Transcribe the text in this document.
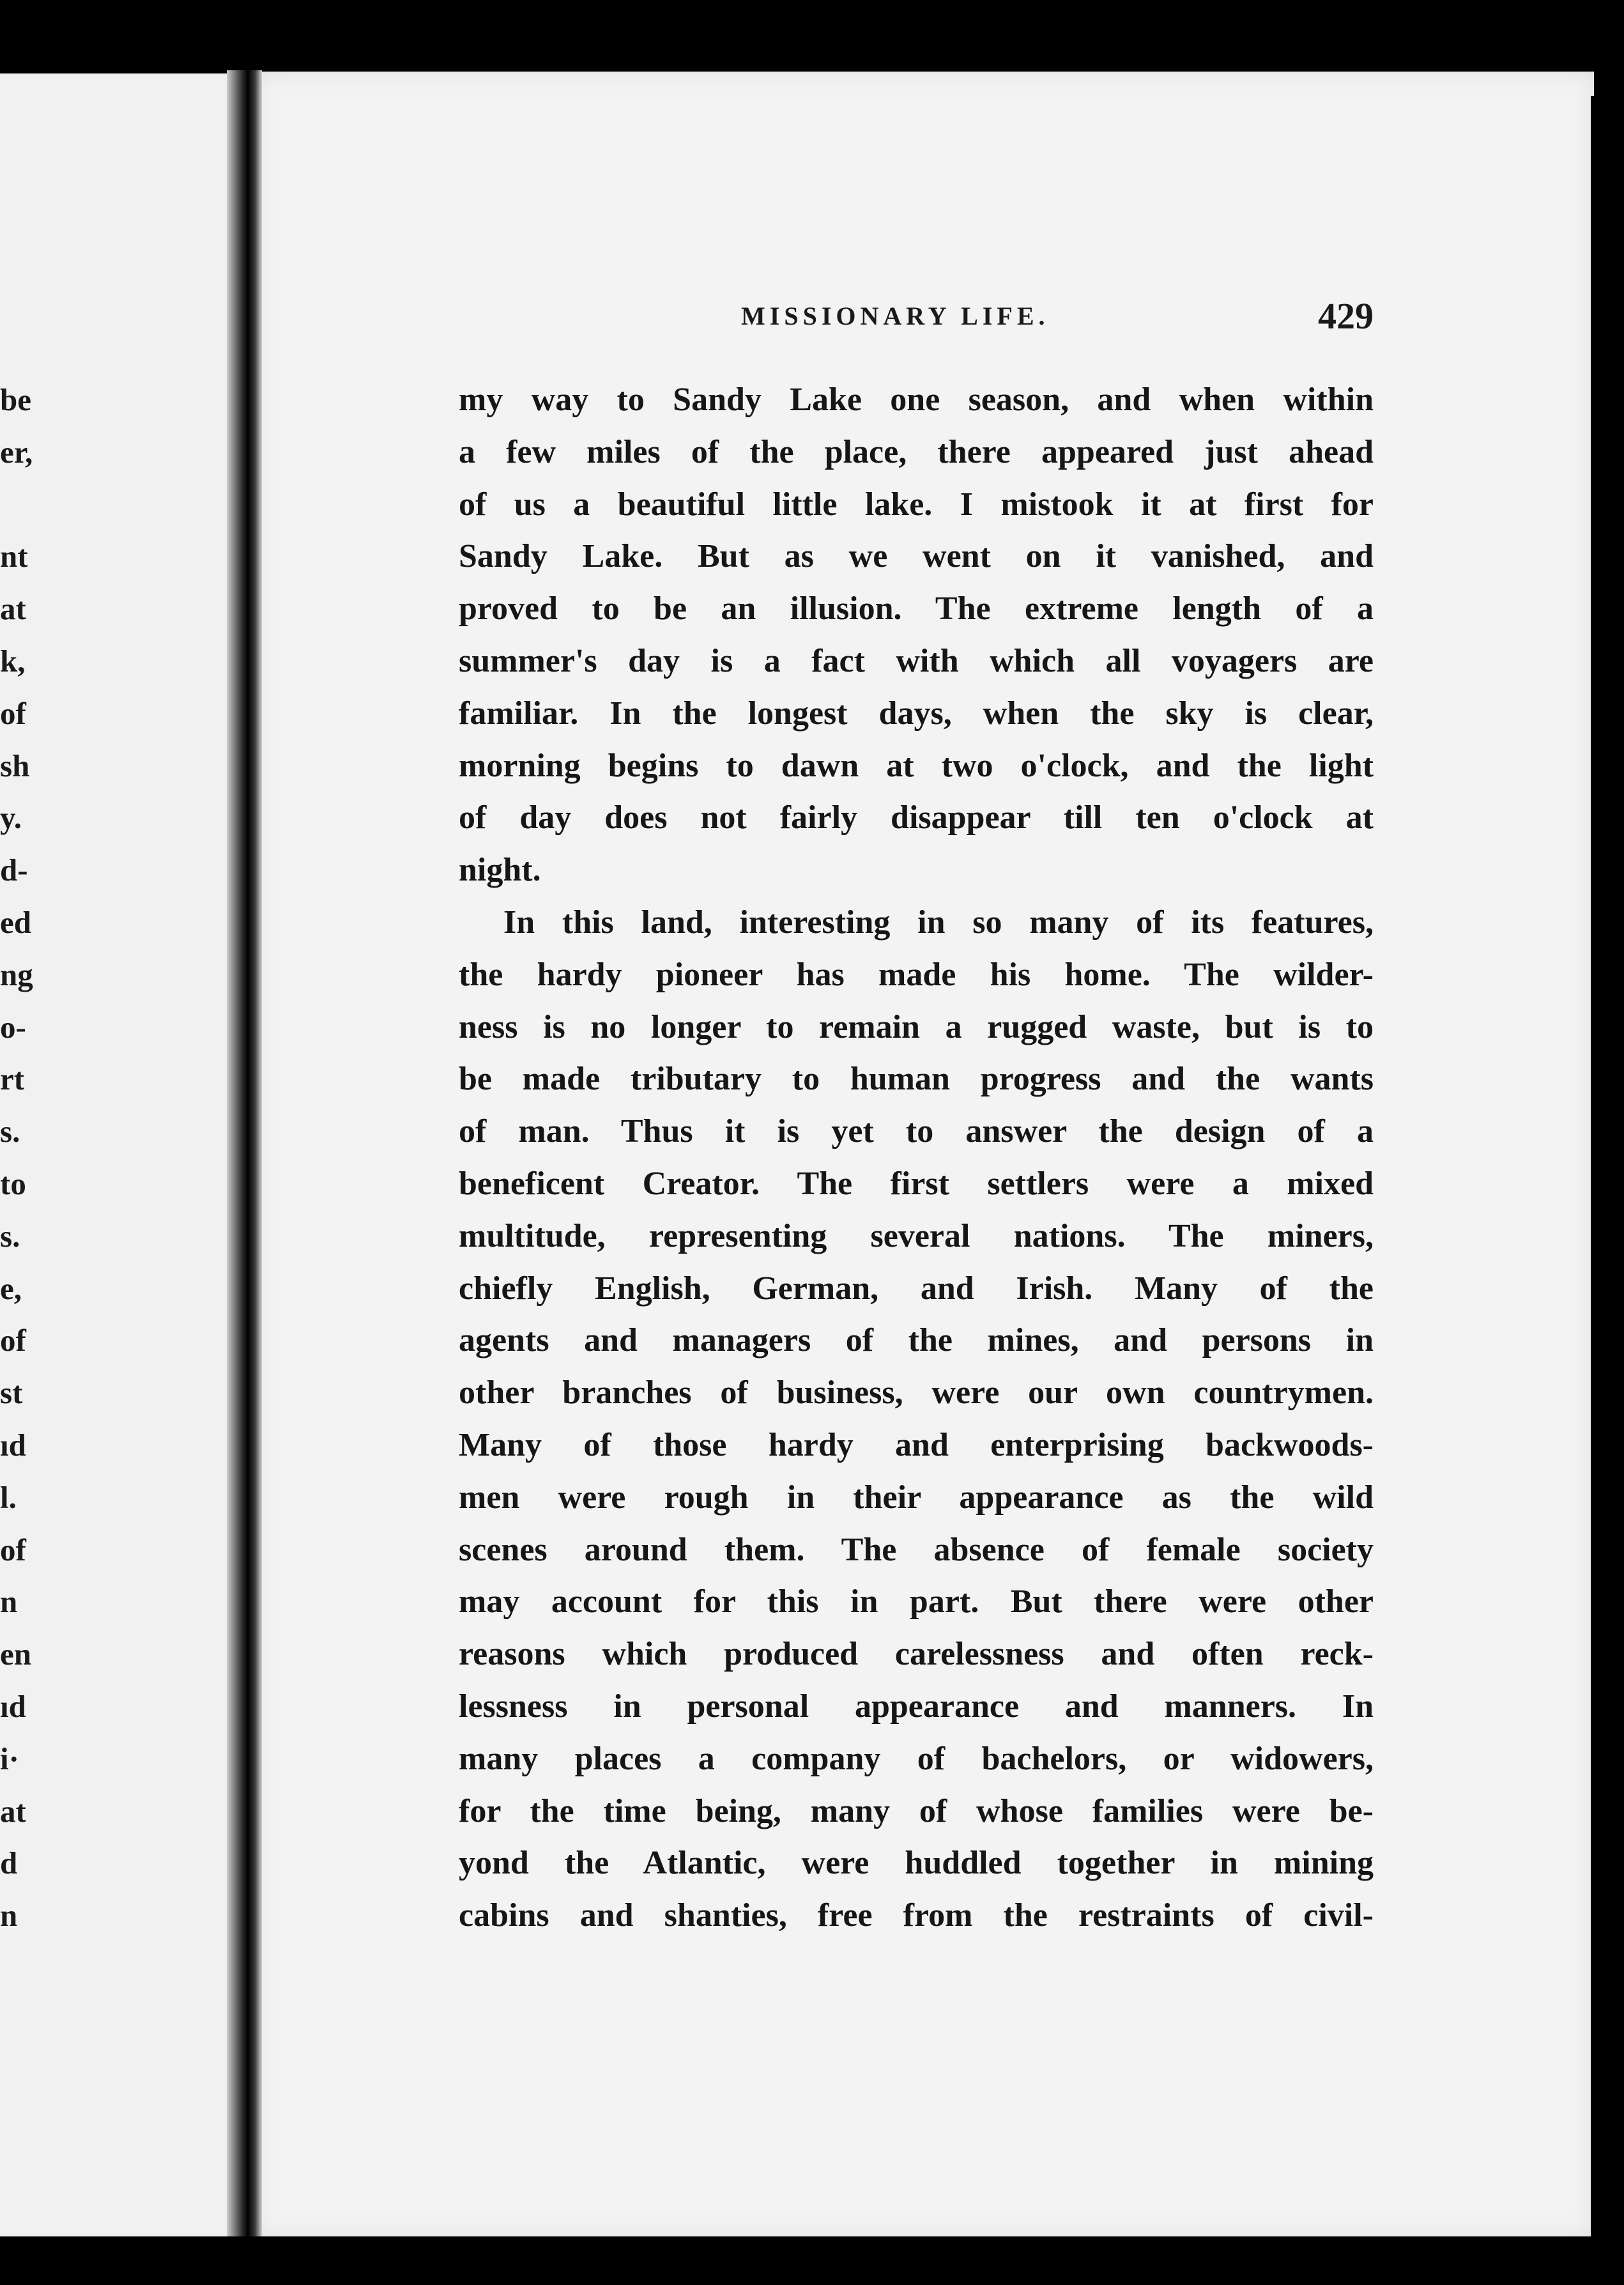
be
er,
nt
at
k,
of
sh
y.
d-
ed
ng
o-
rt
s.
to
s.
e,
of
st
ıd
l.
of
n
en
ıd
i·
at
d
n
MISSIONARY LIFE.	429
my way to Sandy Lake one season, and when within
a few miles of the place, there appeared just ahead
of us a beautiful little lake. I mistook it at first for
Sandy Lake. But as we went on it vanished, and
proved to be an illusion. The extreme length of a
summer's day is a fact with which all voyagers are
familiar. In the longest days, when the sky is clear,
morning begins to dawn at two o'clock, and the light
of day does not fairly disappear till ten o'clock at
night.
In this land, interesting in so many of its features,
the hardy pioneer has made his home. The wilder-
ness is no longer to remain a rugged waste, but is to
be made tributary to human progress and the wants
of man. Thus it is yet to answer the design of a
beneficent Creator. The first settlers were a mixed
multitude, representing several nations. The miners,
chiefly English, German, and Irish. Many of the
agents and managers of the mines, and persons in
other branches of business, were our own countrymen.
Many of those hardy and enterprising backwoods-
men were rough in their appearance as the wild
scenes around them. The absence of female society
may account for this in part. But there were other
reasons which produced carelessness and often reck-
lessness in personal appearance and manners. In
many places a company of bachelors, or widowers,
for the time being, many of whose families were be-
yond the Atlantic, were huddled together in mining
cabins and shanties, free from the restraints of civil-
